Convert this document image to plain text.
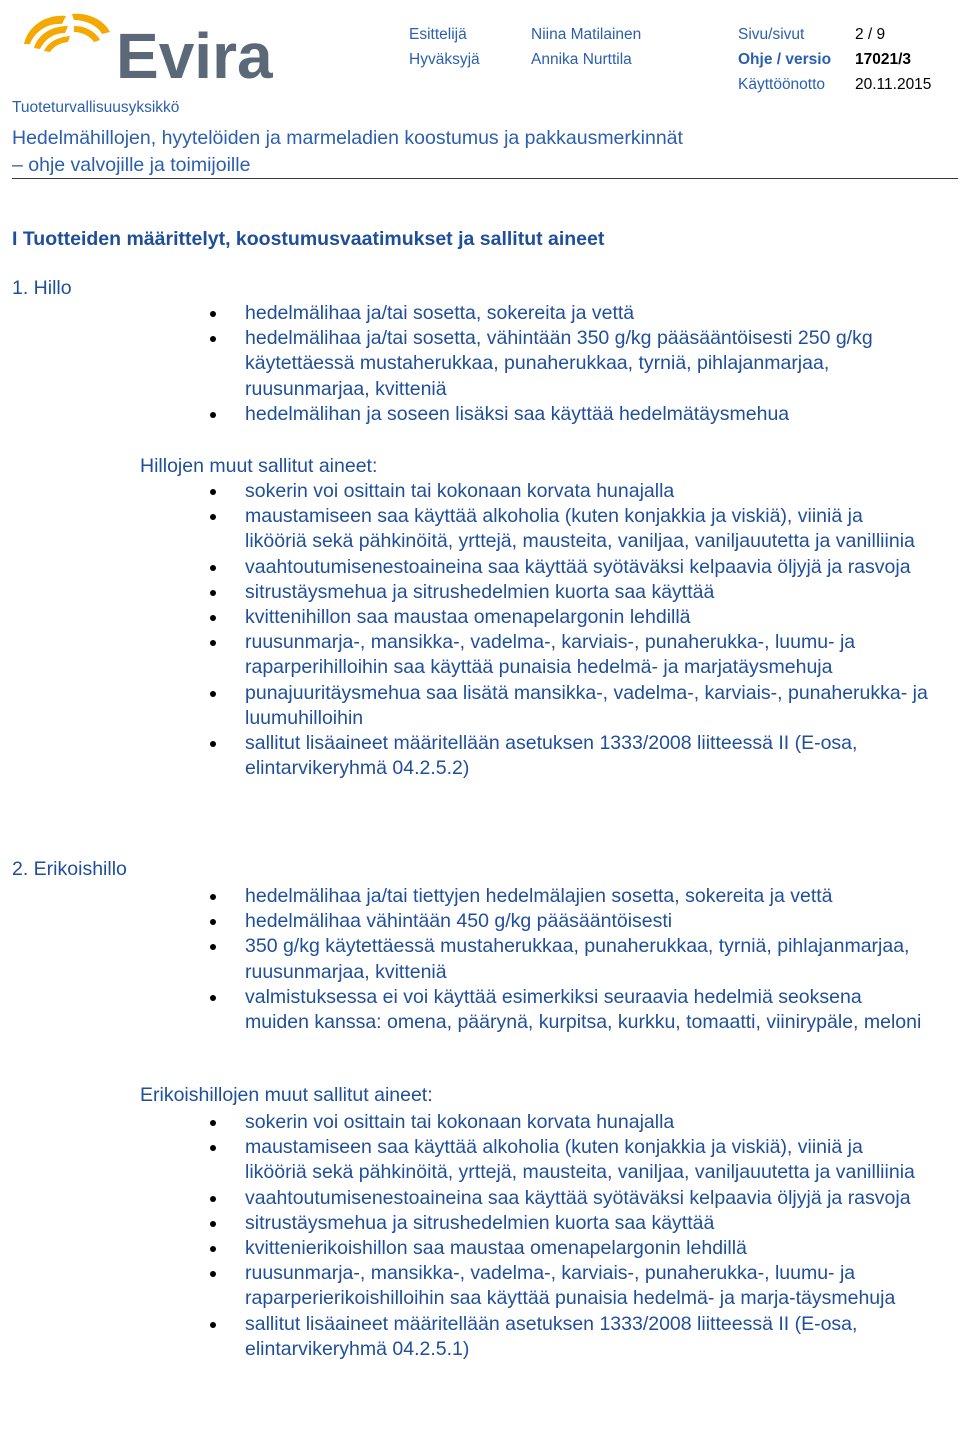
Evira	Esittelijä
Hyväksyjä
Niina Matilainen
Annika Nurttila
Sivu/sivut
Ohje / versio
Käyttöönotto
2 / 9
17021/3
20.11.2015
Tuoteturvallisuusyksikkö
Hedelmähillojen, hyytelöiden ja marmeladien koostumus ja pakkausmerkinnät
– ohje valvojille ja toimijoille
I Tuotteiden määrittelyt, koostumusvaatimukset ja sallitut aineet
1. Hillo
hedelmälihaa ja/tai sosetta, sokereita ja vettä
hedelmälihaa ja/tai sosetta, vähintään 350 g/kg pääsääntöisesti 250 g/kg käytettäessä mustaherukkaa, punaherukkaa, tyrniä, pihlajanmarjaa, ruusunmarjaa, kvitteniä
hedelmälihan ja soseen lisäksi saa käyttää hedelmätäysmehua
Hillojen muut sallitut aineet:
sokerin voi osittain tai kokonaan korvata hunajalla
maustamiseen saa käyttää alkoholia (kuten konjakkia ja viskiä), viiniä ja likööriä sekä pähkinöitä, yrttejä, mausteita, vaniljaa, vaniljauutetta ja vanilliinia
vaahtoutumisenestoaineina saa käyttää syötäväksi kelpaavia öljyjä ja rasvoja
sitrustäysmehua ja sitrushedelmien kuorta saa käyttää
kvittenihillon saa maustaa omenapelargonin lehdillä
ruusunmarja-, mansikka-, vadelma-, karviais-, punaherukka-, luumu- ja raparperihilloihin saa käyttää punaisia hedelmä- ja marjatäysmehuja
punajuuritäysmehua saa lisätä mansikka-, vadelma-, karviais-, punaherukka- ja luumuhilloihin
sallitut lisäaineet määritellään asetuksen 1333/2008 liitteessä II (E-osa, elintarvikeryhmä 04.2.5.2)
2. Erikoishillo
hedelmälihaa ja/tai tiettyjen hedelmälajien sosetta, sokereita ja vettä
hedelmälihaa vähintään 450 g/kg pääsääntöisesti
350 g/kg käytettäessä mustaherukkaa, punaherukkaa, tyrniä, pihlajanmarjaa, ruusunmarjaa, kvitteniä
valmistuksessa ei voi käyttää esimerkiksi seuraavia hedelmiä seoksena muiden kanssa: omena, päärynä, kurpitsa, kurkku, tomaatti, viinirypäle, meloni
Erikoishillojen muut sallitut aineet:
sokerin voi osittain tai kokonaan korvata hunajalla
maustamiseen saa käyttää alkoholia (kuten konjakkia ja viskiä), viiniä ja likööriä sekä pähkinöitä, yrttejä, mausteita, vaniljaa, vaniljauutetta ja vanilliinia
vaahtoutumisenestoaineina saa käyttää syötäväksi kelpaavia öljyjä ja rasvoja
sitrustäysmehua ja sitrushedelmien kuorta saa käyttää
kvittenierikoishillon saa maustaa omenapelargonin lehdillä
ruusunmarja-, mansikka-, vadelma-, karviais-, punaherukka-, luumu- ja raparperierikoishilloihin saa käyttää punaisia hedelmä- ja marja-täysmehuja
sallitut lisäaineet määritellään asetuksen 1333/2008 liitteessä II (E-osa, elintarvikeryhmä 04.2.5.1)
